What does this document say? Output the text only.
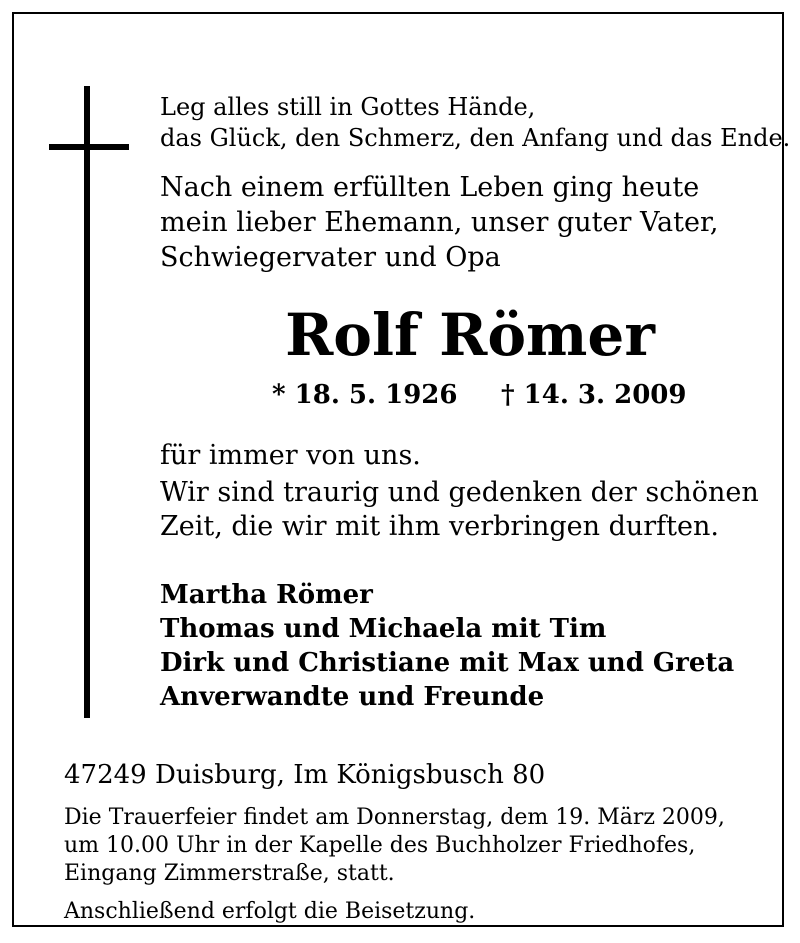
Leg alles still in Gottes Hände,
das Glück, den Schmerz, den Anfang und das Ende.
Nach einem erfüllten Leben ging heute
mein lieber Ehemann, unser guter Vater,
Schwiegervater und Opa
Rolf Römer
* 18. 5. 1926 † 14. 3. 2009
für immer von uns.
Wir sind traurig und gedenken der schönen
Zeit, die wir mit ihm verbringen durften.
Martha Römer
Thomas und Michaela mit Tim
Dirk und Christiane mit Max und Greta
Anverwandte und Freunde
47249 Duisburg, Im Königsbusch 80
Die Trauerfeier findet am Donnerstag, dem 19. März 2009,
um 10.00 Uhr in der Kapelle des Buchholzer Friedhofes,
Eingang Zimmerstraße, statt.
Anschließend erfolgt die Beisetzung.
